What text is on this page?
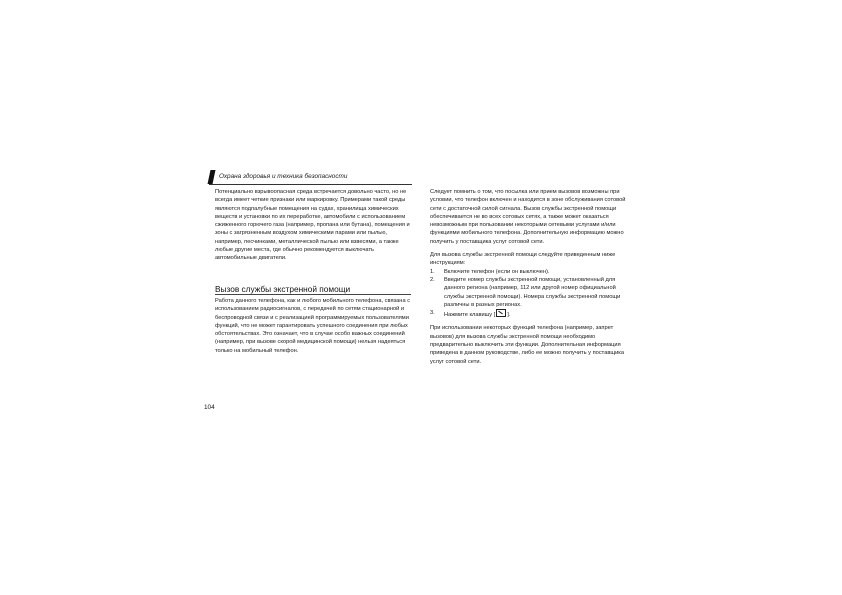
Охрана здоровья и техника безопасности

Потенциально взрывоопасная среда встречается довольно часто, но не всегда имеет четкие признаки или маркировку. Примерами такой среды являются подпалубные помещения на судах, хранилища химических веществ и установки по их переработке, автомобили с использованием сжиженного горючего газа (например, пропана или бутана), помещения и зоны с загрязненным воздухом химическими парами или пылью, например, песчинками, металлической пылью или взвесями, а также любые другие места, где обычно рекомендуется выключать автомобильные двигатели.

Вызов службы экстренной помощи

Работа данного телефона, как и любого мобильного телефона, связана с использованием радиосигналов, с передачей по сетям стационарной и беспроводной связи и с реализацией программируемых пользователями функций, что не может гарантировать успешного соединения при любых обстоятельствах. Это означает, что в случае особо важных соединений (например, при вызове скорой медицинской помощи) нельзя надеяться только на мобильный телефон.

Следует помнить о том, что посылка или прием вызовов возможны при условии, что телефон включен и находится в зоне обслуживания сотовой сети с достаточной силой сигнала. Вызов службы экстренной помощи обеспечивается не во всех сотовых сетях, а также может оказаться невозможным при пользовании некоторыми сетевыми услугами и/или функциями мобильного телефона. Дополнительную информацию можно получить у поставщика услуг сотовой сети.

Для вызова службы экстренной помощи следуйте приведенным ниже инструкциям:

1. Включите телефон (если он выключен).
2. Введите номер службы экстренной помощи, установленный для данного региона (например, 112 или другой номер официальной службы экстренной помощи). Номера службы экстренной помощи различны в разных регионах.
3. Нажмите клавишу [ ].

При использовании некоторых функций телефона (например, запрет вызовов) для вызова службы экстренной помощи необходимо предварительно выключить эти функции. Дополнительная информация приведена в данном руководстве, либо ее можно получить у поставщика услуг сотовой сети.

104
